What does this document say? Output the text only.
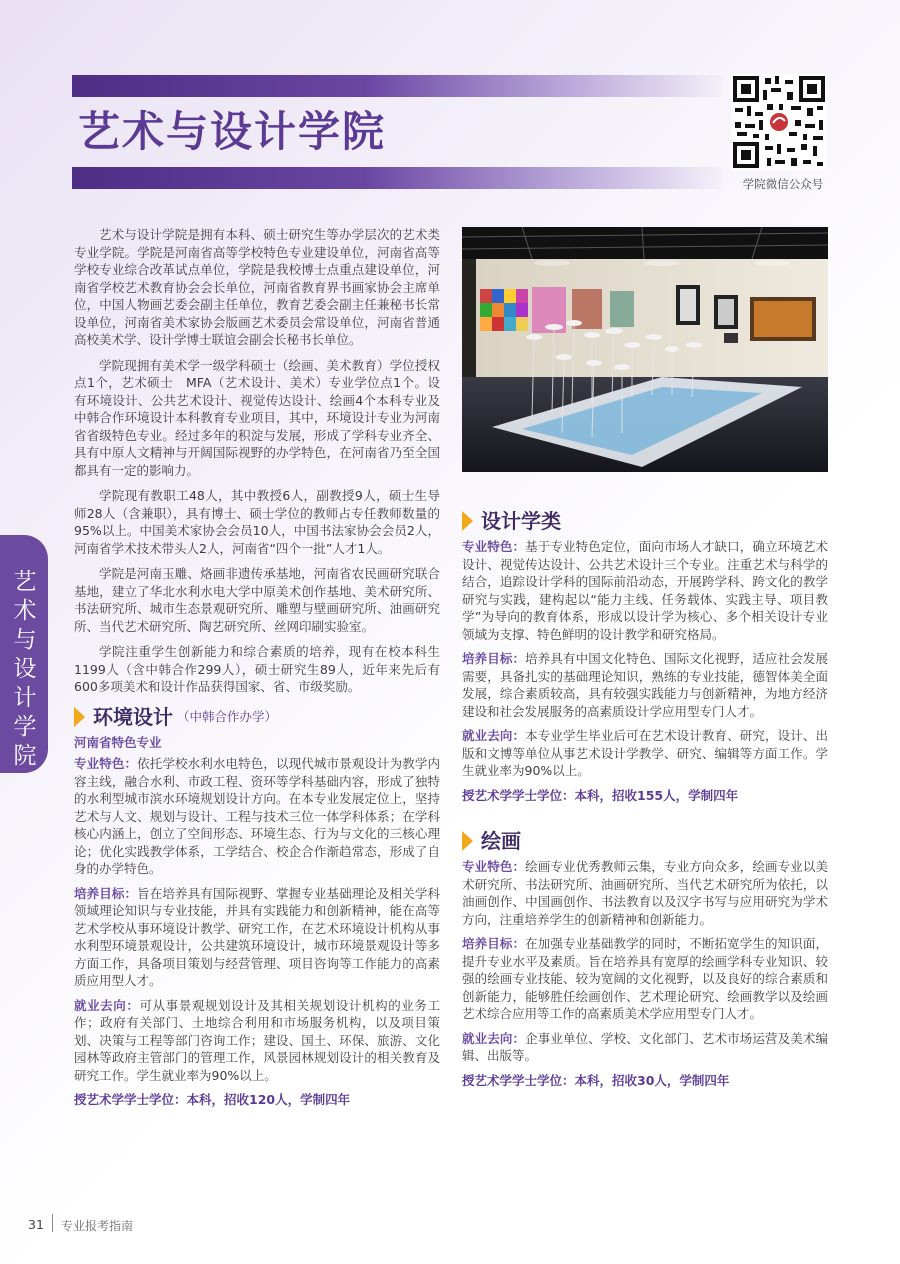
艺术与设计学院
学院微信公众号
艺术与设计学院

艺术与设计学院是拥有本科、硕士研究生等办学层次的艺术类专业学院。学院是河南省高等学校特色专业建设单位，河南省高等学校专业综合改革试点单位，学院是我校博士点重点建设单位，河南省学校艺术教育协会会长单位，河南省教育界书画家协会主席单位，中国人物画艺委会副主任单位，教育艺委会副主任兼秘书长常设单位，河南省美术家协会版画艺术委员会常设单位，河南省普通高校美术学、设计学博士联谊会副会长秘书长单位。

学院现拥有美术学一级学科硕士（绘画、美术教育）学位授权点1个，艺术硕士　MFA（艺术设计、美术）专业学位点1个。设有环境设计、公共艺术设计、视觉传达设计、绘画4个本科专业及中韩合作环境设计本科教育专业项目，其中，环境设计专业为河南省省级特色专业。经过多年的积淀与发展，形成了学科专业齐全、具有中原人文精神与开阔国际视野的办学特色，在河南省乃至全国都具有一定的影响力。

学院现有教职工48人，其中教授6人，副教授9人，硕士生导师28人（含兼职），具有博士、硕士学位的教师占专任教师数量的95%以上。中国美术家协会会员10人，中国书法家协会会员2人，河南省学术技术带头人2人，河南省“四个一批”人才1人。

学院是河南玉雕、烙画非遗传承基地，河南省农民画研究联合基地，建立了华北水利水电大学中原美术创作基地、美术研究所、书法研究所、城市生态景观研究所、雕塑与壁画研究所、油画研究所、当代艺术研究所、陶艺研究所、丝网印刷实验室。

学院注重学生创新能力和综合素质的培养，现有在校本科生1199人（含中韩合作299人），硕士研究生89人，近年来先后有600多项美术和设计作品获得国家、省、市级奖励。

环境设计 （中韩合作办学）
河南省特色专业

专业特色：依托学校水利水电特色，以现代城市景观设计为教学内容主线，融合水利、市政工程、资环等学科基础内容，形成了独特的水利型城市滨水环境规划设计方向。在本专业发展定位上，坚持艺术与人文、规划与设计、工程与技术三位一体学科体系；在学科核心内涵上，创立了空间形态、环境生态、行为与文化的三核心理论；优化实践教学体系，工学结合、校企合作渐趋常态，形成了自身的办学特色。

培养目标：旨在培养具有国际视野、掌握专业基础理论及相关学科领域理论知识与专业技能，并具有实践能力和创新精神，能在高等艺术学校从事环境设计教学、研究工作，在艺术环境设计机构从事水利型环境景观设计，公共建筑环境设计，城市环境景观设计等多方面工作，具备项目策划与经营管理、项目咨询等工作能力的高素质应用型人才。

就业去向：可从事景观规划设计及其相关规划设计机构的业务工作；政府有关部门、土地综合利用和市场服务机构，以及项目策划、决策与工程等部门咨询工作；建设、国土、环保、旅游、文化园林等政府主管部门的管理工作，风景园林规划设计的相关教育及研究工作。学生就业率为90%以上。

授艺术学学士学位：本科，招收120人，学制四年
设计学类

专业特色：基于专业特色定位，面向市场人才缺口，确立环境艺术设计、视觉传达设计、公共艺术设计三个专业。注重艺术与科学的结合，追踪设计学科的国际前沿动态，开展跨学科、跨文化的教学研究与实践，建构起以“能力主线、任务载体、实践主导、项目教学”为导向的教育体系，形成以设计学为核心、多个相关设计专业领域为支撑、特色鲜明的设计教学和研究格局。

培养目标：培养具有中国文化特色、国际文化视野，适应社会发展需要，具备扎实的基础理论知识，熟练的专业技能，德智体美全面发展，综合素质较高，具有较强实践能力与创新精神，为地方经济建设和社会发展服务的高素质设计学应用型专门人才。

就业去向：本专业学生毕业后可在艺术设计教育、研究，设计、出版和文博等单位从事艺术设计学教学、研究、编辑等方面工作。学生就业率为90%以上。

授艺术学学士学位：本科，招收155人，学制四年
绘画

专业特色：绘画专业优秀教师云集，专业方向众多，绘画专业以美术研究所、书法研究所、油画研究所、当代艺术研究所为依托，以油画创作、中国画创作、书法教育以及汉字书写与应用研究为学术方向，注重培养学生的创新精神和创新能力。

培养目标：在加强专业基础教学的同时，不断拓宽学生的知识面，提升专业水平及素质。旨在培养具有宽厚的绘画学科专业知识、较强的绘画专业技能、较为宽阔的文化视野，以及良好的综合素质和创新能力，能够胜任绘画创作、艺术理论研究、绘画教学以及绘画艺术综合应用等工作的高素质美术学应用型专门人才。

就业去向：企事业单位、学校、文化部门、艺术市场运营及美术编辑、出版等。

授艺术学学士学位：本科，招收30人，学制四年
31 专业报考指南
